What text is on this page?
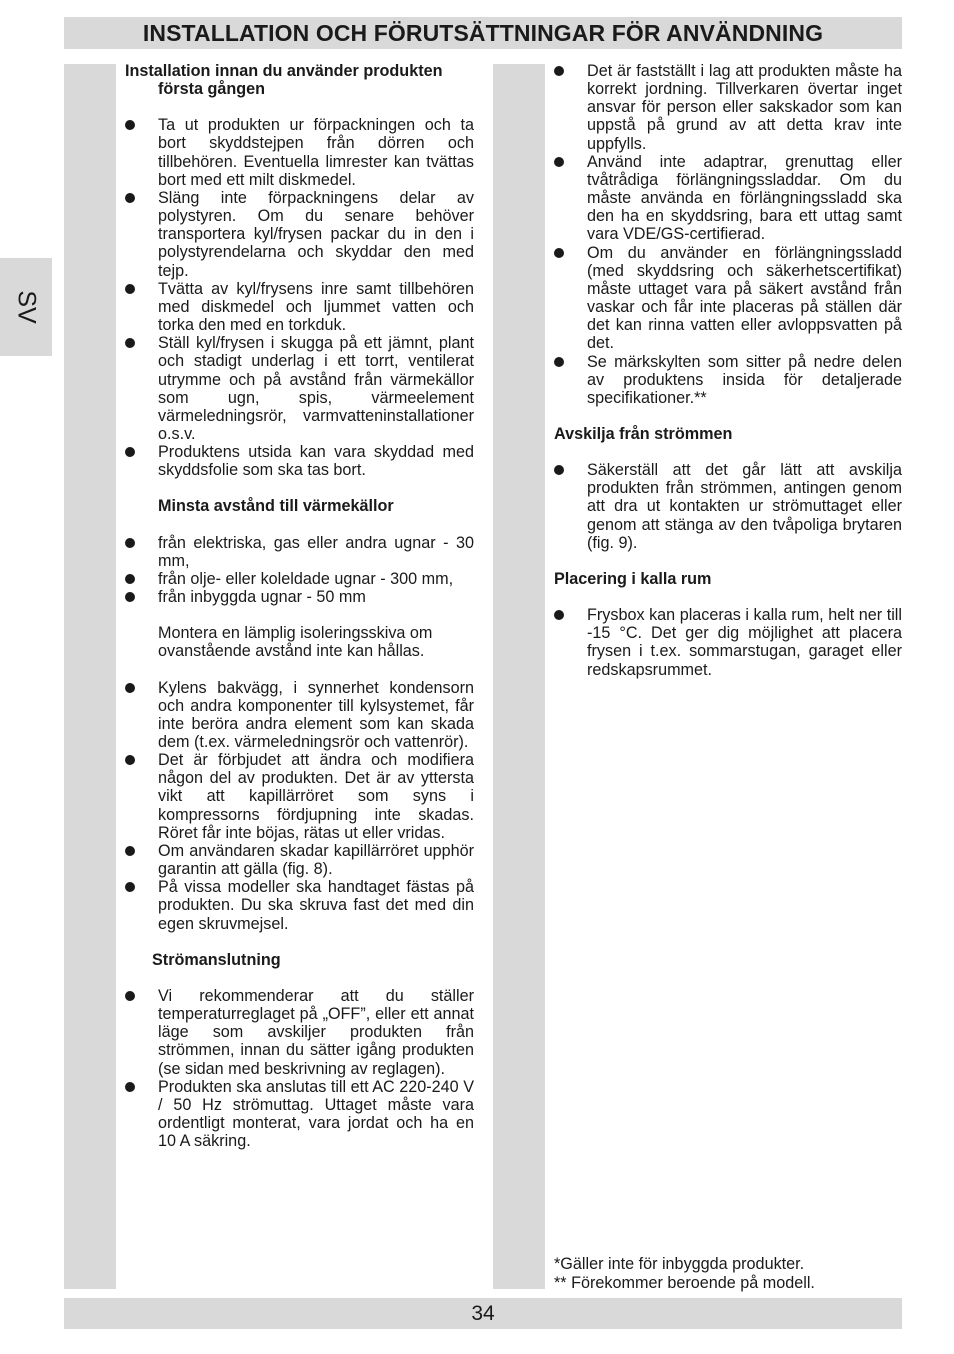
INSTALLATION OCH FÖRUTSÄTTNINGAR FÖR ANVÄNDNING
SV
Installation innan du använder produkten första gången
Ta ut produkten ur förpackningen och ta bort skyddstejpen från dörren och tillbehören. Eventuella limrester kan tvättas bort med ett milt diskmedel.
Släng inte förpackningens delar av polystyren. Om du senare behöver transportera kyl/frysen packar du in den i polystyrendelarna och skyddar den med tejp.
Tvätta av kyl/frysens inre samt tillbehören med diskmedel och ljummet vatten och torka den med en torkduk.
Ställ kyl/frysen i skugga på ett jämnt, plant och stadigt underlag i ett torrt, ventilerat utrymme och på avstånd från värmekällor som ugn, spis, värmeelement värmeledningsrör, varmvatteninstallationer o.s.v.
Produktens utsida kan vara skyddad med skyddsfolie som ska tas bort.
Minsta avstånd till värmekällor
från elektriska, gas eller andra ugnar - 30 mm,
från olje- eller koleldade ugnar - 300 mm,
från inbyggda ugnar - 50 mm

Montera en lämplig isoleringsskiva om ovanstående avstånd inte kan hållas.

Kylens bakvägg, i synnerhet kondensorn och andra komponenter till kylsystemet, får inte beröra andra element som kan skada dem (t.ex. värmeledningsrör och vattenrör).
Det är förbjudet att ändra och modifiera någon del av produkten. Det är av yttersta vikt att kapillärröret som syns i kompressorns fördjupning inte skadas. Röret får inte böjas, rätas ut eller vridas.
Om användaren skadar kapillärröret upphör garantin att gälla (fig. 8).
På vissa modeller ska handtaget fästas på produkten. Du ska skruva fast det med din egen skruvmejsel.
Strömanslutning
Vi rekommenderar att du ställer temperaturreglaget på „OFF”, eller ett annat läge som avskiljer produkten från strömmen, innan du sätter igång produkten (se sidan med beskrivning av reglagen).
Produkten ska anslutas till ett AC 220-240 V / 50 Hz strömuttag. Uttaget måste vara ordentligt monterat, vara jordat och ha en 10 A säkring.
Det är fastställt i lag att produkten måste ha korrekt jordning. Tillverkaren övertar inget ansvar för person eller sakskador som kan uppstå på grund av att detta krav inte uppfylls.
Använd inte adaptrar, grenuttag eller tvåtrådiga förlängningssladdar. Om du måste använda en förlängningssladd ska den ha en skyddsring, bara ett uttag samt vara VDE/GS-certifierad.
Om du använder en förlängningssladd (med skyddsring och säkerhetscertifikat) måste uttaget vara på säkert avstånd från vaskar och får inte placeras på ställen där det kan rinna vatten eller avloppsvatten på det.
Se märkskylten som sitter på nedre delen av produktens insida för detaljerade specifikationer.**
Avskilja från strömmen
Säkerställ att det går lätt att avskilja produkten från strömmen, antingen genom att dra ut kontakten ur strömuttaget eller genom att stänga av den tvåpoliga brytaren (fig. 9).
Placering i kalla rum
Frysbox kan placeras i kalla rum, helt ner till -15 °C. Det ger dig möjlighet att placera frysen i t.ex. sommarstugan, garaget eller redskapsrummet.
*Gäller inte för inbyggda produkter.
** Förekommer beroende på modell.
34
